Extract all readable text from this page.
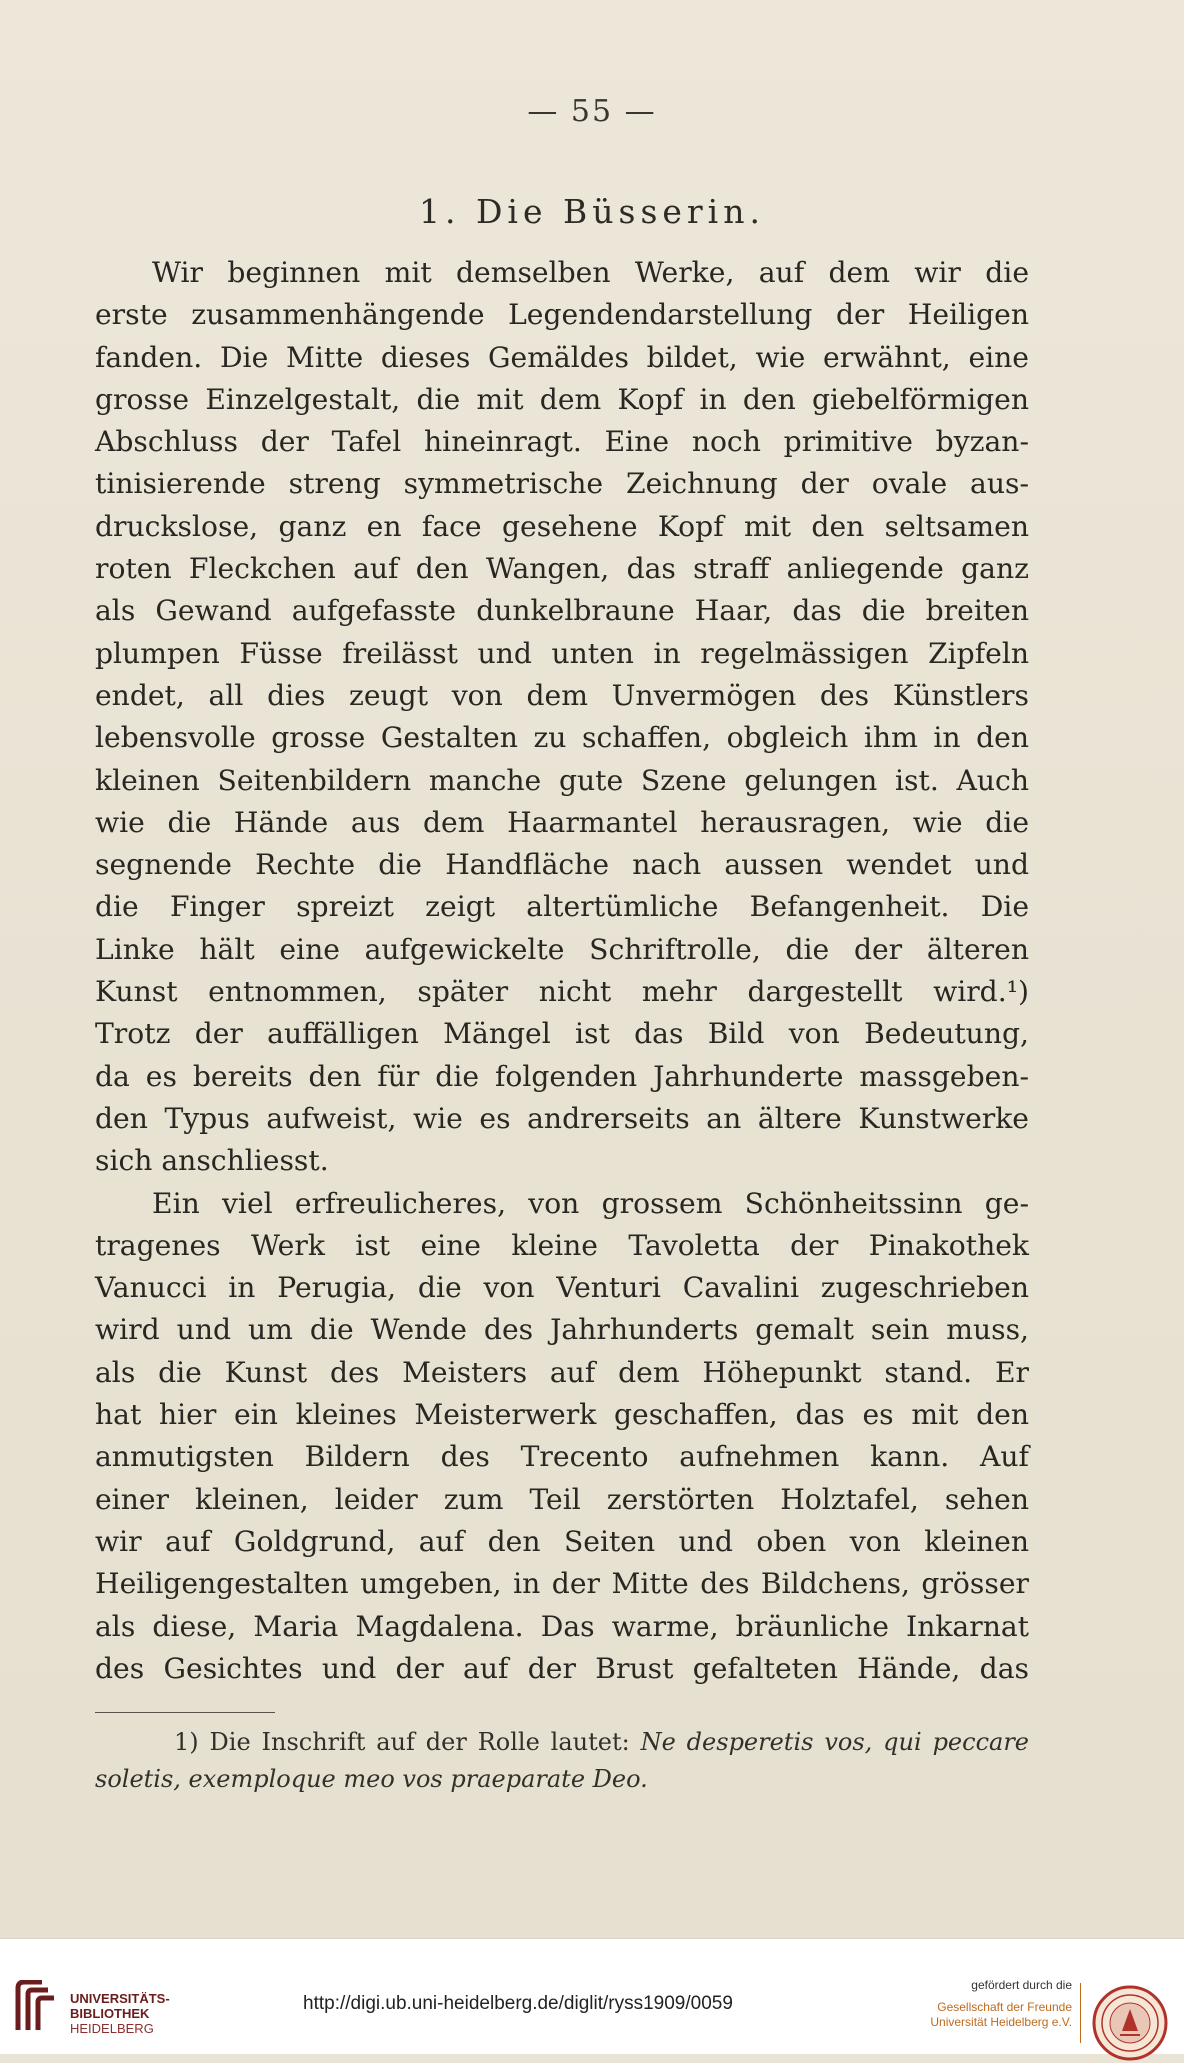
— 55 —
1. Die Büsserin.
Wir beginnen mit demselben Werke, auf dem wir die
erste zusammenhängende Legendendarstellung der Heiligen
fanden. Die Mitte dieses Gemäldes bildet, wie erwähnt, eine
grosse Einzelgestalt, die mit dem Kopf in den giebelförmigen
Abschluss der Tafel hineinragt. Eine noch primitive byzan-
tinisierende streng symmetrische Zeichnung der ovale aus-
druckslose, ganz en face gesehene Kopf mit den seltsamen
roten Fleckchen auf den Wangen, das straff anliegende ganz
als Gewand aufgefasste dunkelbraune Haar, das die breiten
plumpen Füsse freilässt und unten in regelmässigen Zipfeln
endet, all dies zeugt von dem Unvermögen des Künstlers
lebensvolle grosse Gestalten zu schaffen, obgleich ihm in den
kleinen Seitenbildern manche gute Szene gelungen ist. Auch
wie die Hände aus dem Haarmantel herausragen, wie die
segnende Rechte die Handfläche nach aussen wendet und
die Finger spreizt zeigt altertümliche Befangenheit. Die
Linke hält eine aufgewickelte Schriftrolle, die der älteren
Kunst entnommen, später nicht mehr dargestellt wird.¹)
Trotz der auffälligen Mängel ist das Bild von Bedeutung,
da es bereits den für die folgenden Jahrhunderte massgeben-
den Typus aufweist, wie es andrerseits an ältere Kunstwerke
sich anschliesst.
Ein viel erfreulicheres, von grossem Schönheitssinn ge-
tragenes Werk ist eine kleine Tavoletta der Pinakothek
Vanucci in Perugia, die von Venturi Cavalini zugeschrieben
wird und um die Wende des Jahrhunderts gemalt sein muss,
als die Kunst des Meisters auf dem Höhepunkt stand. Er
hat hier ein kleines Meisterwerk geschaffen, das es mit den
anmutigsten Bildern des Trecento aufnehmen kann. Auf
einer kleinen, leider zum Teil zerstörten Holztafel, sehen
wir auf Goldgrund, auf den Seiten und oben von kleinen
Heiligengestalten umgeben, in der Mitte des Bildchens, grösser
als diese, Maria Magdalena. Das warme, bräunliche Inkarnat
des Gesichtes und der auf der Brust gefalteten Hände, das
1) Die Inschrift auf der Rolle lautet: Ne desperetis vos, qui peccare
soletis, exemploque meo vos praeparate Deo.
UNIVERSITÄTS-
BIBLIOTHEK
HEIDELBERG
http://digi.ub.uni-heidelberg.de/diglit/ryss1909/0059
gefördert durch die
Gesellschaft der Freunde
Universität Heidelberg e.V.
